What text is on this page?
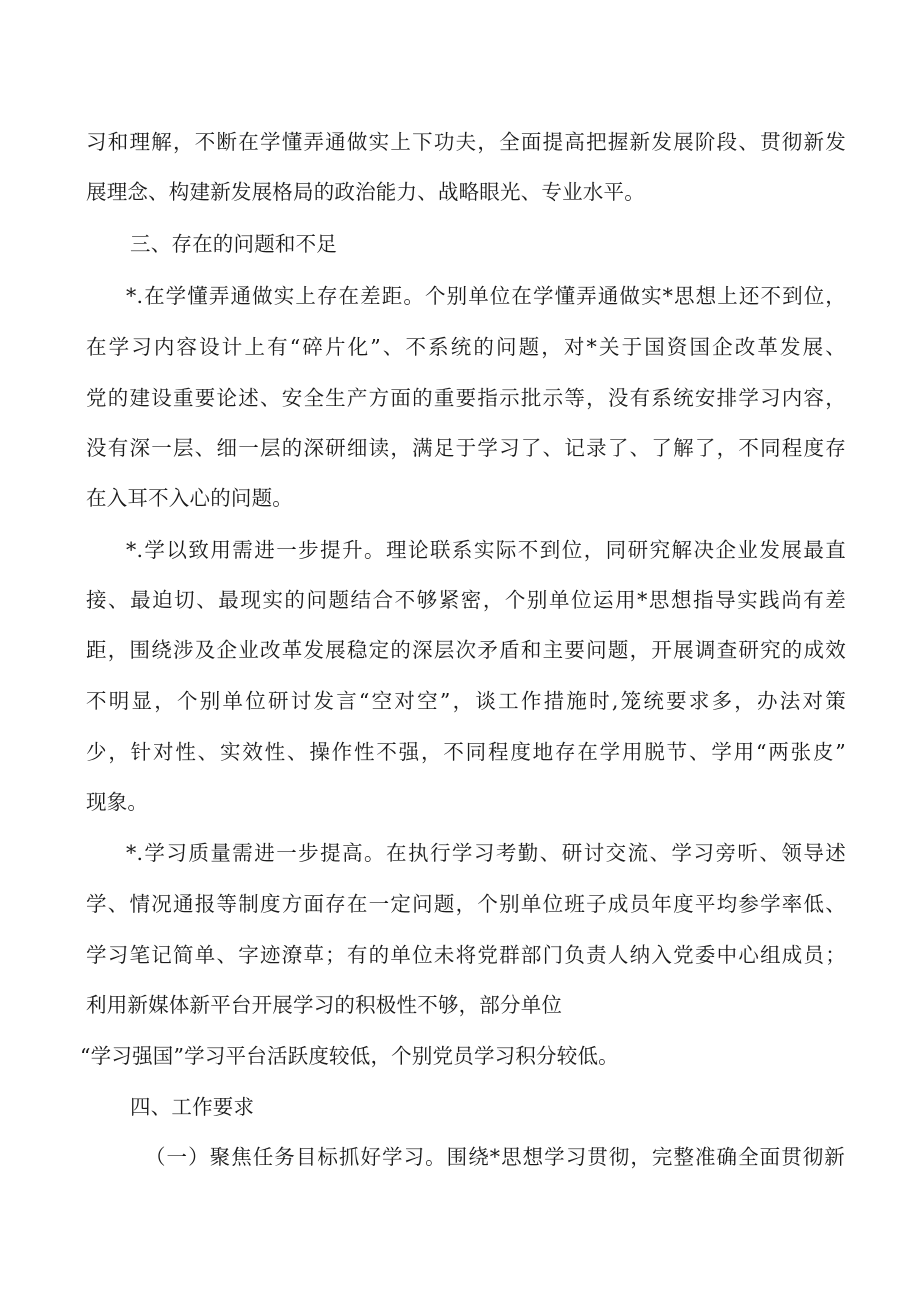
习和理解，不断在学懂弄通做实上下功夫，全面提高把握新发展阶段、贯彻新发
展理念、构建新发展格局的政治能力、战略眼光、专业水平。
三、存在的问题和不足
*.在学懂弄通做实上存在差距。个别单位在学懂弄通做实*思想上还不到位，
在学习内容设计上有“碎片化”、不系统的问题，对*关于国资国企改革发展、
党的建设重要论述、安全生产方面的重要指示批示等，没有系统安排学习内容，
没有深一层、细一层的深研细读，满足于学习了、记录了、了解了，不同程度存
在入耳不入心的问题。
*.学以致用需进一步提升。理论联系实际不到位，同研究解决企业发展最直
接、最迫切、最现实的问题结合不够紧密，个别单位运用*思想指导实践尚有差
距，围绕涉及企业改革发展稳定的深层次矛盾和主要问题，开展调查研究的成效
不明显，个别单位研讨发言“空对空”，谈工作措施时,笼统要求多，办法对策
少，针对性、实效性、操作性不强，不同程度地存在学用脱节、学用“两张皮”
现象。
*.学习质量需进一步提高。在执行学习考勤、研讨交流、学习旁听、领导述
学、情况通报等制度方面存在一定问题，个别单位班子成员年度平均参学率低、
学习笔记简单、字迹潦草；有的单位未将党群部门负责人纳入党委中心组成员；
利用新媒体新平台开展学习的积极性不够，部分单位
“学习强国”学习平台活跃度较低，个别党员学习积分较低。
四、工作要求
（一）聚焦任务目标抓好学习。围绕*思想学习贯彻，完整准确全面贯彻新
